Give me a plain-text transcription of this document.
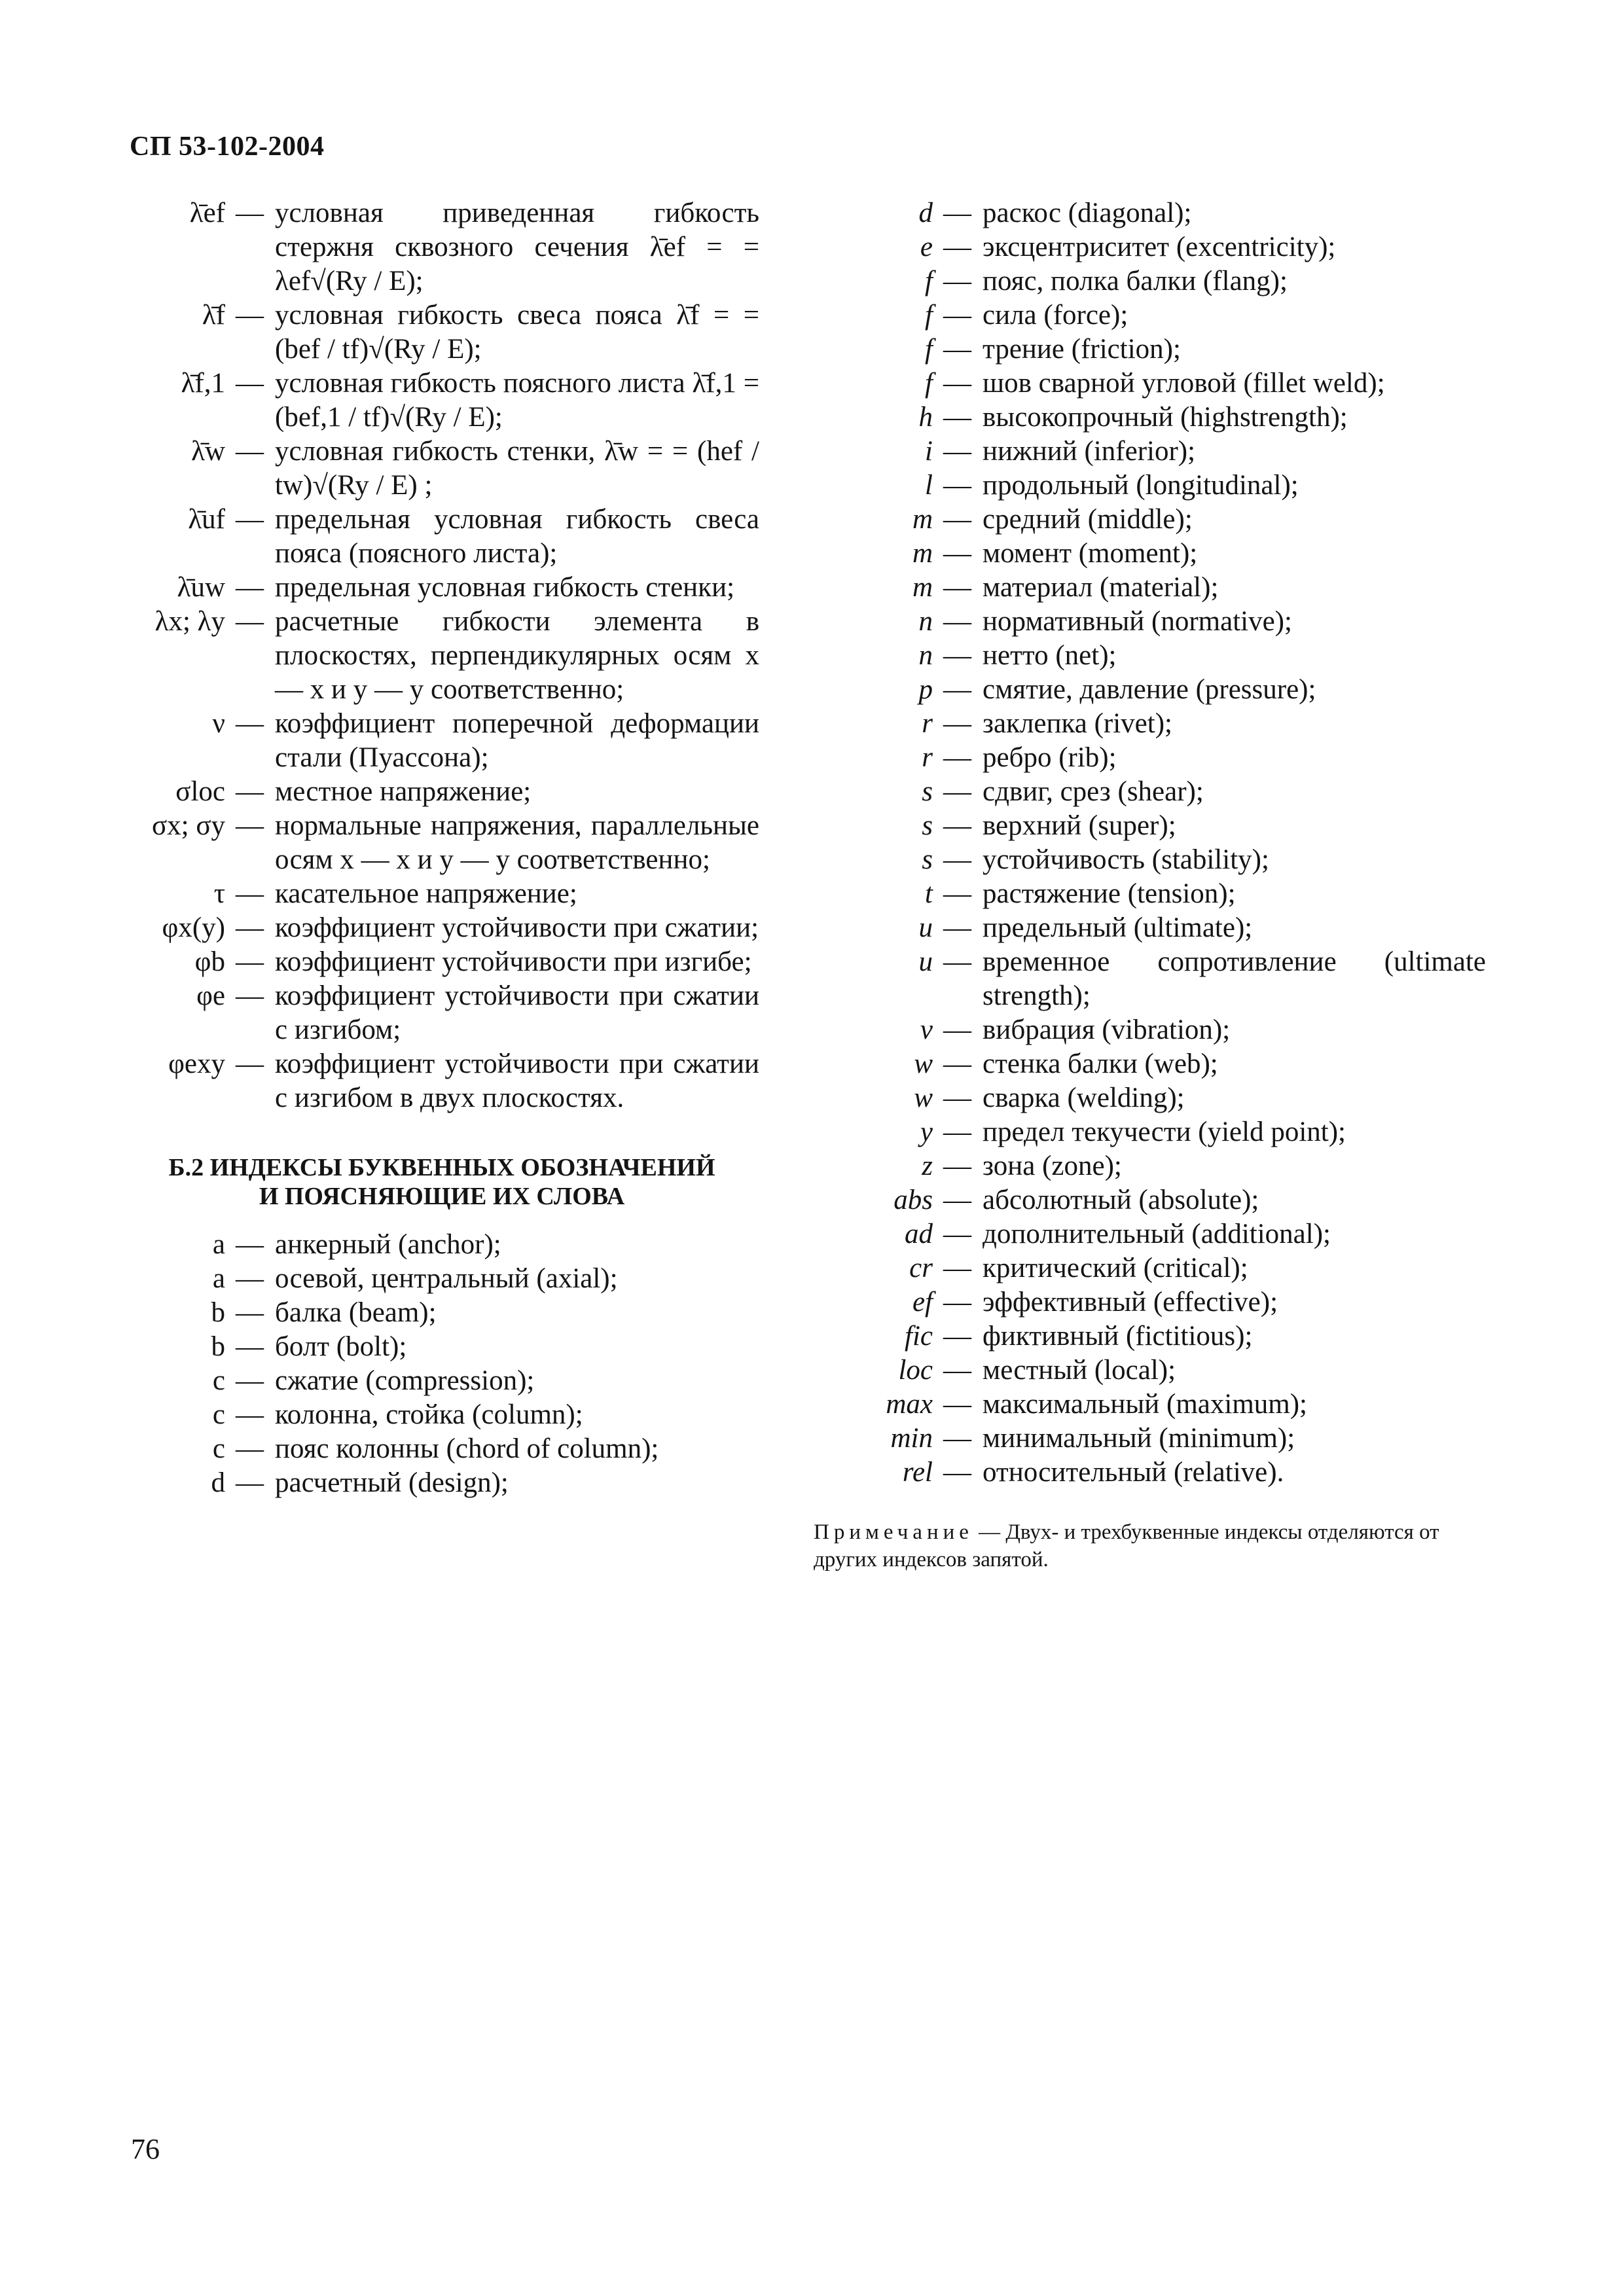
СП 53-102-2004
λ̄ef — условная приведенная гибкость стержня сквозного сечения λ̄ef = = λef√(Ry / E);
λ̄f — условная гибкость свеса пояса λ̄f = = (bef / tf)√(Ry / E);
λ̄f,1 — условная гибкость поясного листа λ̄f,1 = (bef,1 / tf)√(Ry / E);
λ̄w — условная гибкость стенки, λ̄w = = (hef / tw)√(Ry / E) ;
λ̄uf — предельная условная гибкость свеса пояса (поясного листа);
λ̄uw — предельная условная гибкость стенки;
λx; λy — расчетные гибкости элемента в плоскостях, перпендикулярных осям x — x и y — y соответственно;
ν — коэффициент поперечной деформации стали (Пуассона);
σloc — местное напряжение;
σx; σy — нормальные напряжения, параллельные осям x — x и y — y соответственно;
τ — касательное напряжение;
φx(y) — коэффициент устойчивости при сжатии;
φb — коэффициент устойчивости при изгибе;
φe — коэффициент устойчивости при сжатии с изгибом;
φexy — коэффициент устойчивости при сжатии с изгибом в двух плоскостях.
Б.2 ИНДЕКСЫ БУКВЕННЫХ ОБОЗНАЧЕНИЙ И ПОЯСНЯЮЩИЕ ИХ СЛОВА
a — анкерный (anchor);
a — осевой, центральный (axial);
b — балка (beam);
b — болт (bolt);
c — сжатие (compression);
c — колонна, стойка (column);
c — пояс колонны (chord of column);
d — расчетный (design);
d — раскос (diagonal);
e — эксцентриситет (excentricity);
f — пояс, полка балки (flang);
f — сила (force);
f — трение (friction);
f — шов сварной угловой (fillet weld);
h — высокопрочный (highstrength);
i — нижний (inferior);
l — продольный (longitudinal);
m — средний (middle);
m — момент (moment);
m — материал (material);
n — нормативный (normative);
n — нетто (net);
p — смятие, давление (pressure);
r — заклепка (rivet);
r — ребро (rib);
s — сдвиг, срез (shear);
s — верхний (super);
s — устойчивость (stability);
t — растяжение (tension);
u — предельный (ultimate);
u — временное сопротивление (ultimate strength);
v — вибрация (vibration);
w — стенка балки (web);
w — сварка (welding);
y — предел текучести (yield point);
z — зона (zone);
abs — абсолютный (absolute);
ad — дополнительный (additional);
cr — критический (critical);
ef — эффективный (effective);
fic — фиктивный (fictitious);
loc — местный (local);
max — максимальный (maximum);
min — минимальный (minimum);
rel — относительный (relative).
Примечание — Двух- и трехбуквенные индексы отделяются от других индексов запятой.
76
